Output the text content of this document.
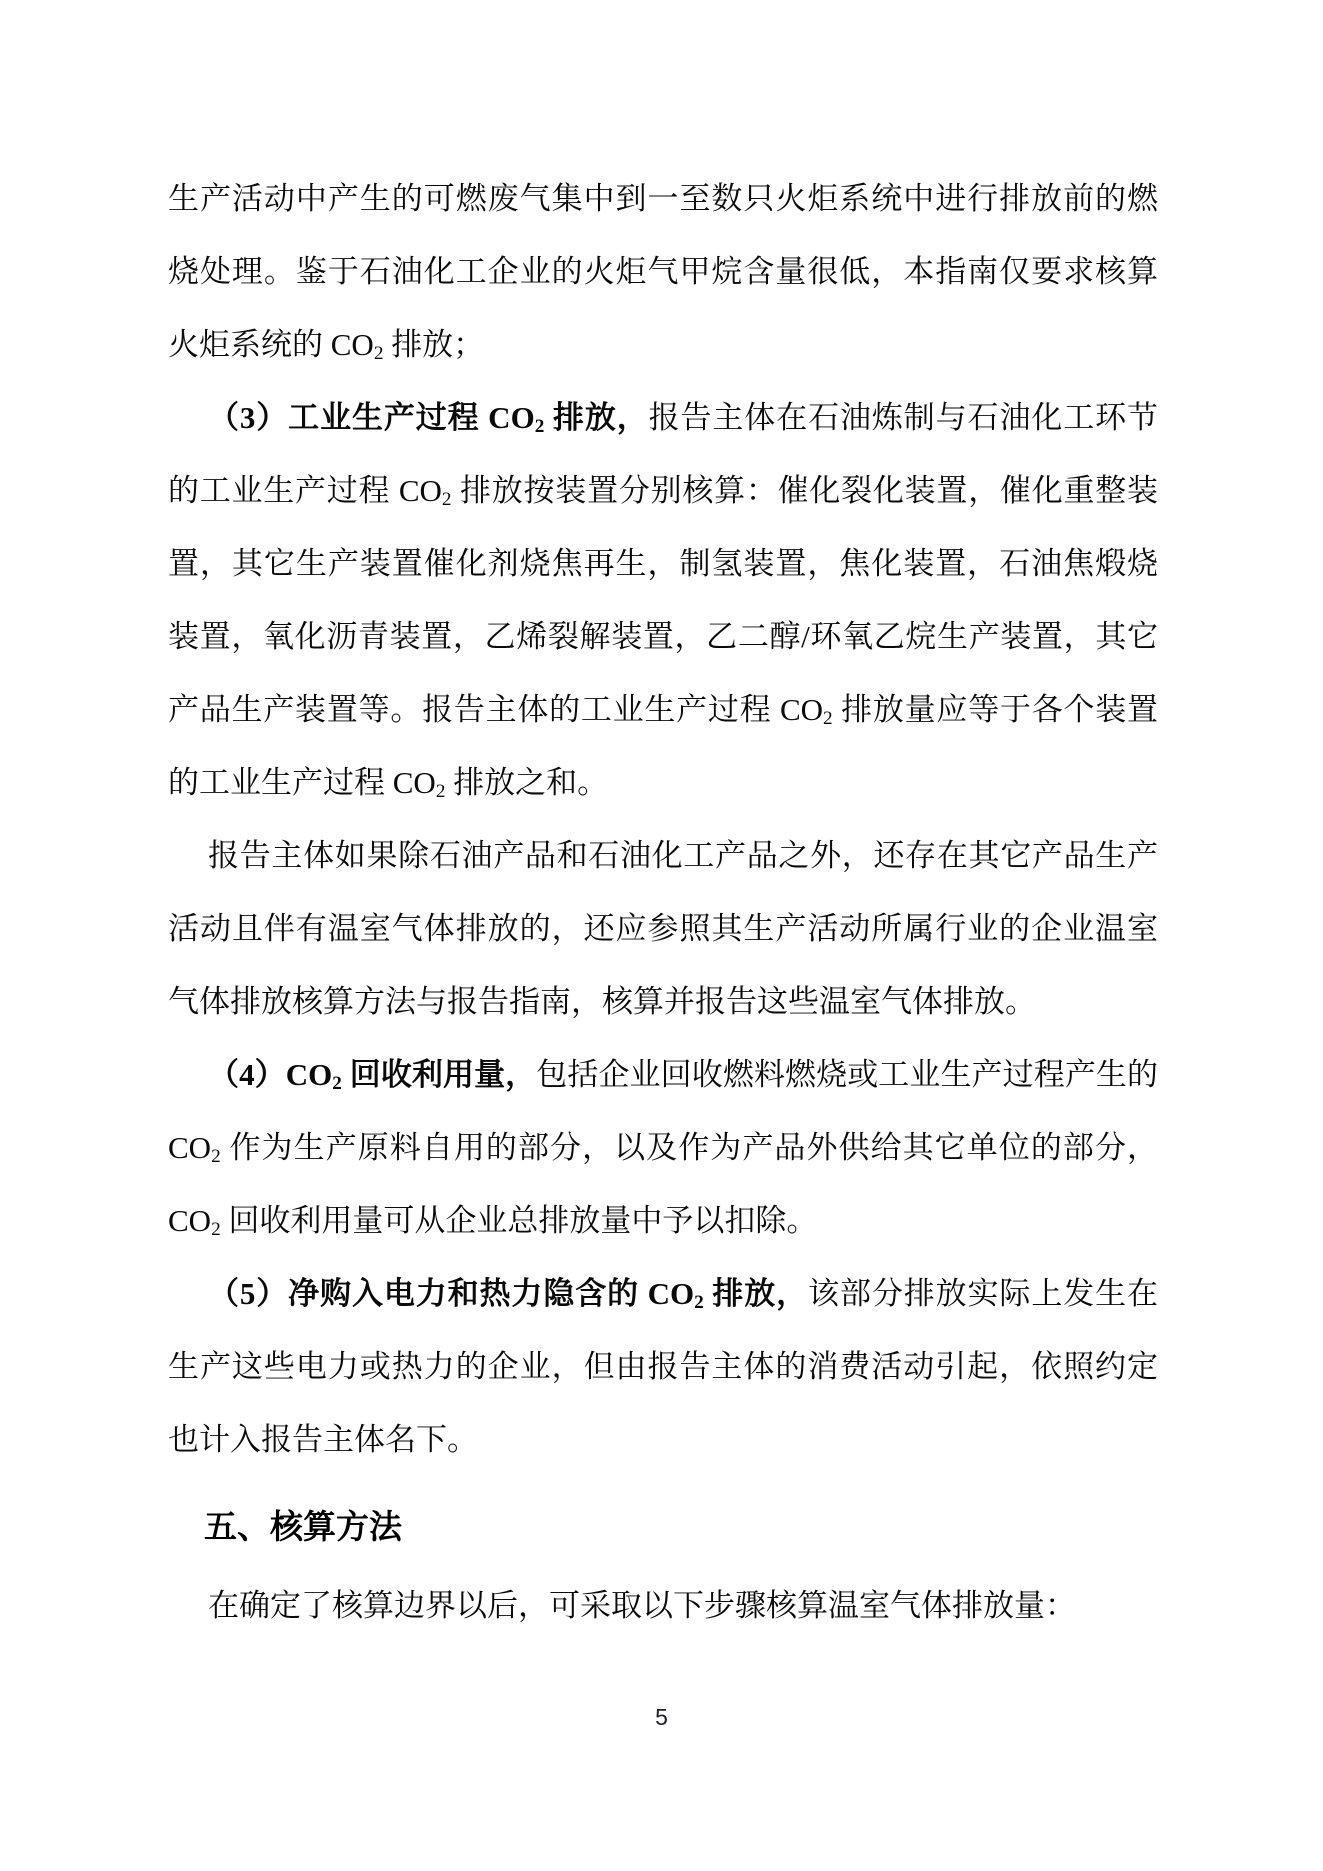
生产活动中产生的可燃废气集中到一至数只火炬系统中进行排放前的燃烧处理。鉴于石油化工企业的火炬气甲烷含量很低，本指南仅要求核算火炬系统的 $CO_2$ 排放；

（3）工业生产过程 $CO_2$ 排放，报告主体在石油炼制与石油化工环节的工业生产过程 $CO_2$ 排放按装置分别核算：催化裂化装置，催化重整装置，其它生产装置催化剂烧焦再生，制氢装置，焦化装置，石油焦煅烧装置，氧化沥青装置，乙烯裂解装置，乙二醇/环氧乙烷生产装置，其它产品生产装置等。报告主体的工业生产过程 $CO_2$ 排放量应等于各个装置的工业生产过程 $CO_2$ 排放之和。

报告主体如果除石油产品和石油化工产品之外，还存在其它产品生产活动且伴有温室气体排放的，还应参照其生产活动所属行业的企业温室气体排放核算方法与报告指南，核算并报告这些温室气体排放。

$(4)CO_2$ 回收利用量，包括企业回收燃料燃烧或工业生产过程产生的 $CO_2$ 作为生产原料自用的部分，以及作为产品外供给其它单位的部分，$CO_2$ 回收利用量可从企业总排放量中予以扣除。

（5）净购入电力和热力隐含的 $CO_2$ 排放，该部分排放实际上发生在生产这些电力或热力的企业，但由报告主体的消费活动引起，依照约定也计入报告主体名下。

五、核算方法

在确定了核算边界以后，可采取以下步骤核算温室气体排放量：

5
